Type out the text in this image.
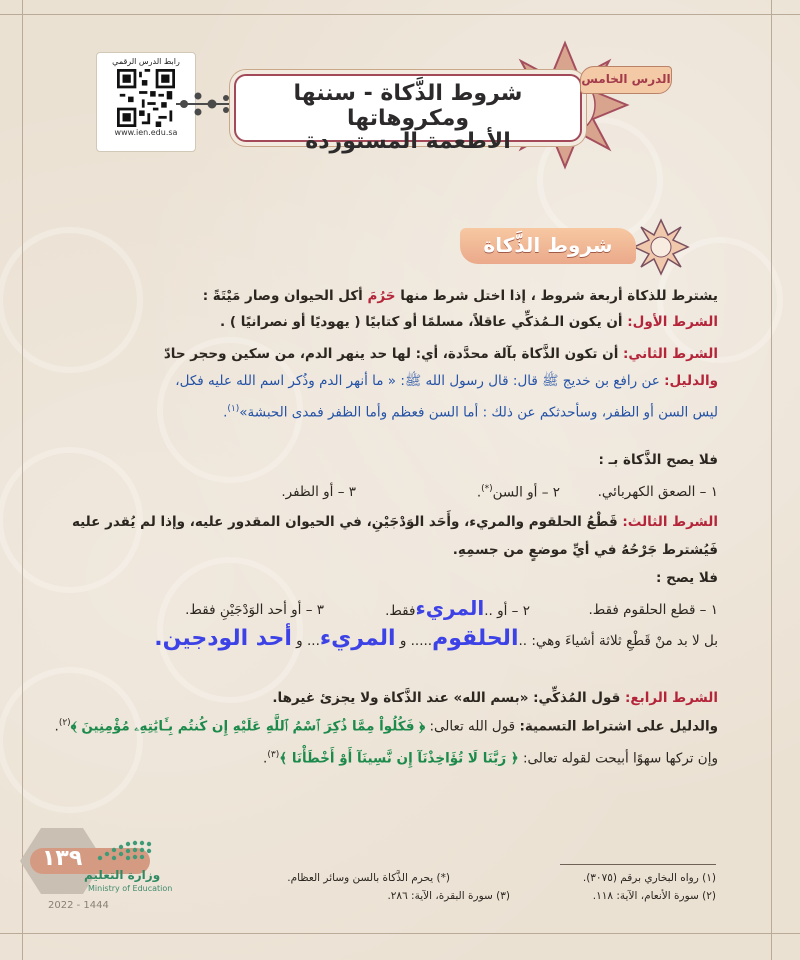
رابط الدرس الرقمي
www.ien.edu.sa
شروط الذَّكاة - سننها ومكروهاتها
الأطعمة المستوردة
الدرس الخامس
شروط الذَّكاة
يشترط للذكاة أربعة شروط ، إذا اختل شرط منها حَرُمَ أكل الحيوان وصار مَيْتَةً :
الشرط الأول: أن يكون الـمُذكِّي عاقلاً، مسلمًا أو كتابيًا ( يهوديًا أو نصرانيًا ) .
الشرط الثاني: أن تكون الذَّكاة بآلة محدَّدة، أي: لها حد ينهر الدم، من سكين وحجر حادّ
والدليل: عن رافع بن خديج ﷺ قال: قال رسول الله ﷺ: « ما أنهر الدم وذُكر اسم الله عليه فكل،
ليس السن أو الظفر، وسأحدثكم عن ذلك : أما السن فعظم وأما الظفر فمدى الحبشة»$^{(١)}$.
فلا يصح الذَّكاة بـ :
١ – الصعق الكهربائي.
٢ – أو السن(*).
٣ – أو الظفر.
الشرط الثالث: قَطْعُ الحلقوم والمريء، وأَحَد الوَدْجَيْنِ، في الحيوان المقدور عليه، وإذا لم يُقدر عليه
فَيُشترط جَرْحُهُ في أيِّ موضعٍ من جسمِهِ.
فلا يصح :
١ – قطع الحلقوم فقط.
٢ – أو ..المريءفقط.
٣ – أو أحد الوَدْجَيْنِ فقط.
بل لا بد منْ قَطْعِ ثلاثة أشياءَ وهي: ..الحلقوم..... و المريء... و أحد الودجين.
الشرط الرابع: قول المُذكِّي: «بسم الله» عند الذَّكاة ولا يجزئ غيرها.
والدليل على اشتراط التسمية: قول الله تعالى: ﴿ فَكُلُواْ مِمَّا ذُكِرَ ٱسْمُ ٱللَّهِ عَلَيْهِ إِن كُنتُم بِـَٔايَٰتِهِۦ مُؤْمِنِينَ ﴾$^{(٢)}$.
وإن تركها سهوًا أبيحت لقوله تعالى: ﴿ رَبَّنَا لَا تُؤَاخِذْنَآ إِن نَّسِينَآ أَوْ أَخْطَأْنَا ﴾$^{(٣)}$.
(١) رواه البخاري برقم (٣٠٧٥).
(٢) سورة الأنعام، الآية: ١١٨.
(*) يحرم الذَّكاة بالسن وسائر العظام.
(٣) سورة البقرة، الآية: ٢٨٦.
١٣٩
وزارة التعليم
Ministry of Education
2022 - 1444
